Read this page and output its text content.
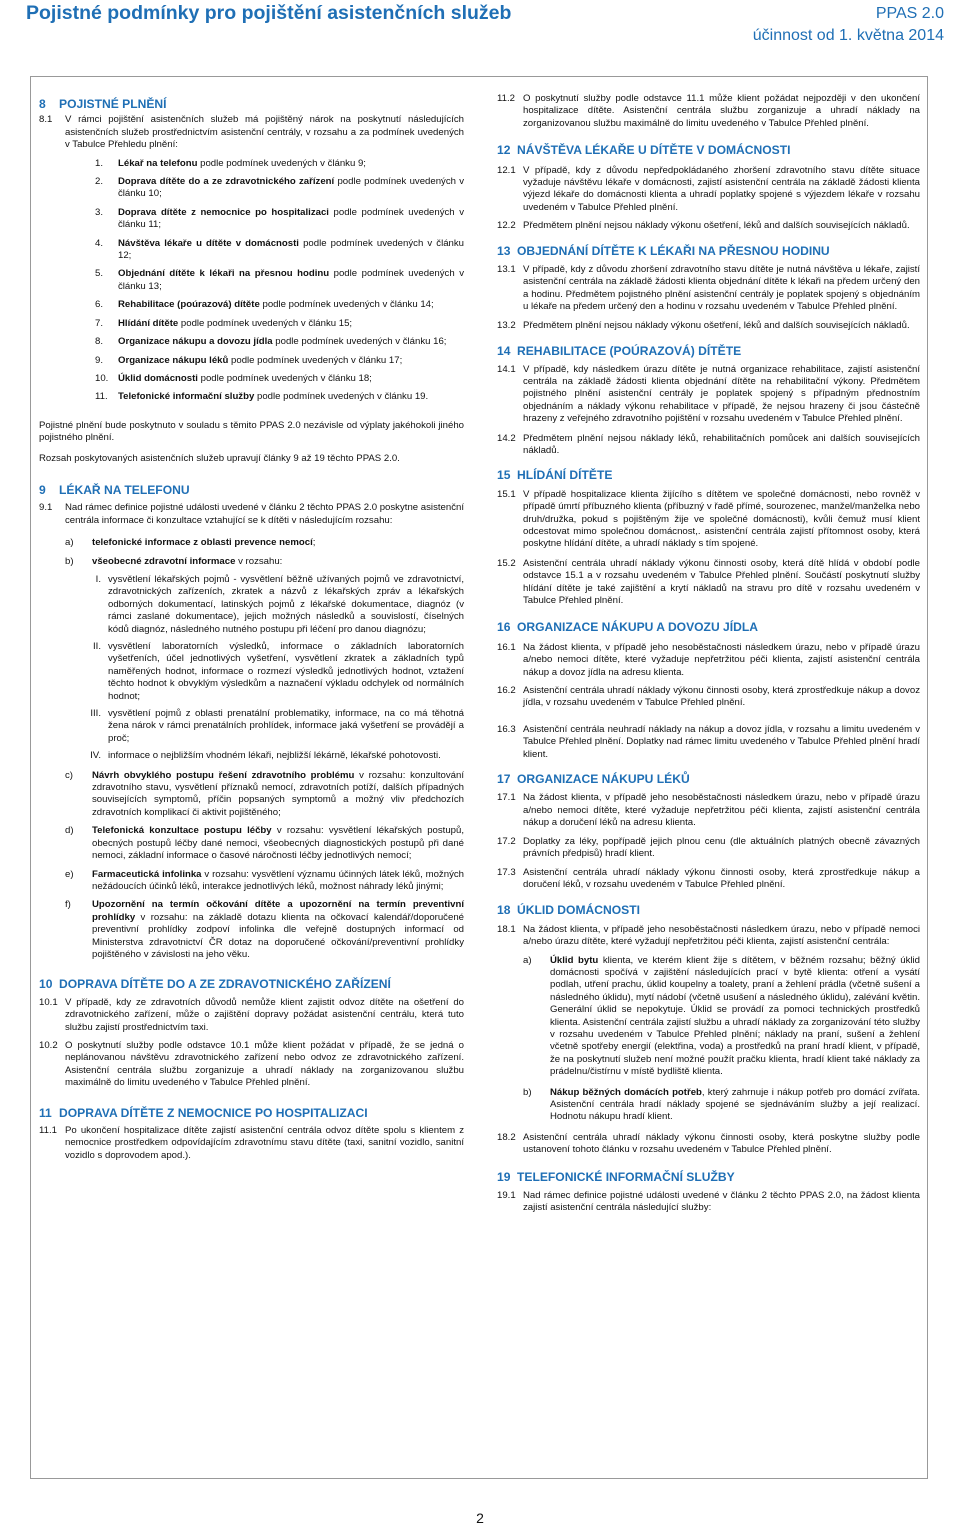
Pojistné podmínky pro pojištění asistenčních služeb	PPAS 2.0
účinnost od 1. května 2014
8 POJISTNÉ PLNĚNÍ
8.1	V rámci pojištění asistenčních služeb má pojištěný nárok na poskytnutí následujících asistenčních služeb prostřednictvím asistenční centrály, v rozsahu a za podmínek uvedených v Tabulce Přehledu plnění:
1.	Lékař na telefonu podle podmínek uvedených v článku 9;
2.	Doprava dítěte do a ze zdravotnického zařízení podle podmínek uvedených v článku 10;
3.	Doprava dítěte z nemocnice po hospitalizaci podle podmínek uvedených v článku 11;
4.	Návštěva lékaře u dítěte v domácnosti podle podmínek uvedených v článku 12;
5.	Objednání dítěte k lékaři na přesnou hodinu podle podmínek uvedených v článku 13;
6.	Rehabilitace (poúrazová) dítěte podle podmínek uvedených v článku 14;
7.	Hlídání dítěte podle podmínek uvedených v článku 15;
8.	Organizace nákupu a dovozu jídla podle podmínek uvedených v článku 16;
9.	Organizace nákupu léků podle podmínek uvedených v článku 17;
10.	Úklid domácnosti podle podmínek uvedených v článku 18;
11.	Telefonické informační služby podle podmínek uvedených v článku 19.

Pojistné plnění bude poskytnuto v souladu s těmito PPAS 2.0 nezávisle od výplaty jakéhokoli jiného pojistného plnění.

Rozsah poskytovaných asistenčních služeb upravují články 9 až 19 těchto PPAS 2.0.

9 LÉKAŘ NA TELEFONU
9.1	Nad rámec definice pojistné události uvedené v článku 2 těchto PPAS 2.0 poskytne asistenční centrála informace či konzultace vztahující se k dítěti v následujícím rozsahu:
a)	telefonické informace z oblasti prevence nemocí;
b)	všeobecné zdravotní informace v rozsahu:
I. vysvětlení lékařských pojmů - vysvětlení běžně užívaných pojmů ve zdravotnictví, zdravotnických zařízeních, zkratek a názvů z lékařských zpráv a lékařských odborných dokumentací, latinských pojmů z lékařské dokumentace, diagnóz (v rámci zaslané dokumentace), jejich možných následků a souvislostí, číselných kódů diagnóz, následného nutného postupu při léčení pro danou diagnózu;
II. vysvětlení laboratorních výsledků, informace o základních laboratorních vyšetřeních, účel jednotlivých vyšetření, vysvětlení zkratek a základních typů naměřených hodnot, informace o rozmezí výsledků jednotlivých hodnot, vztažení těchto hodnot k obvyklým výsledkům a naznačení výkladu odchylek od normálních hodnot;
III. vysvětlení pojmů z oblasti prenatální problematiky, informace, na co má těhotná žena nárok v rámci prenatálních prohlídek, informace jaká vyšetření se provádějí a proč;
IV. informace o nejbližším vhodném lékaři, nejbližší lékárně, lékařské pohotovosti.
c)	Návrh obvyklého postupu řešení zdravotního problému v rozsahu: konzultování zdravotního stavu, vysvětlení příznaků nemocí, zdravotních potíží, dalších případných souvisejících symptomů, příčin popsaných symptomů a možný vliv předchozích zdravotních komplikací či aktivit pojištěného;
d)	Telefonická konzultace postupu léčby v rozsahu: vysvětlení lékařských postupů, obecných postupů léčby dané nemoci, všeobecných diagnostických postupů při dané nemoci, základní informace o časové náročnosti léčby jednotlivých nemocí;
e)	Farmaceutická infolinka v rozsahu: vysvětlení významu účinných látek léků, možných nežádoucích účinků léků, interakce jednotlivých léků, možnost náhrady léků jinými;
f)	Upozornění na termín očkování dítěte a upozornění na termín preventivní prohlídky v rozsahu: na základě dotazu klienta na očkovací kalendář/doporučené preventivní prohlídky zodpoví infolinka dle veřejně dostupných informací od Ministerstva zdravotnictví ČR dotaz na doporučené očkování/preventivní prohlídky pojištěného v závislosti na jeho věku.
10 DOPRAVA DÍTĚTE DO A ZE ZDRAVOTNICKÉHO ZAŘÍZENÍ
10.1 V případě, kdy ze zdravotních důvodů nemůže klient zajistit odvoz dítěte na ošetření do zdravotnického zařízení, může o zajištění dopravy požádat asistenční centrálu, která tuto službu zajistí prostřednictvím taxi.
10.2 O poskytnutí služby podle odstavce 10.1 může klient požádat v případě, že se jedná o neplánovanou návštěvu zdravotnického zařízení nebo odvoz ze zdravotnického zařízení. Asistenční centrála službu zorganizuje a uhradí náklady na zorganizovanou službu maximálně do limitu uvedeného v Tabulce Přehled plnění.
11 DOPRAVA DÍTĚTE Z NEMOCNICE PO HOSPITALIZACI
11.1 Po ukončení hospitalizace dítěte zajistí asistenční centrála odvoz dítěte spolu s klientem z nemocnice prostředkem odpovídajícím zdravotnímu stavu dítěte (taxi, sanitní vozidlo, sanitní vozidlo s doprovodem apod.).
11.2 O poskytnutí služby podle odstavce 11.1 může klient požádat nejpozději v den ukončení hospitalizace dítěte. Asistenční centrála službu zorganizuje a uhradí náklady na zorganizovanou službu maximálně do limitu uvedeného v Tabulce Přehled plnění.
12 NÁVŠTĚVA LÉKAŘE U DÍTĚTE V DOMÁCNOSTI
12.1 V případě, kdy z důvodu nepředpokládaného zhoršení zdravotního stavu dítěte situace vyžaduje návštěvu lékaře v domácnosti, zajistí asistenční centrála na základě žádosti klienta výjezd lékaře do domácnosti klienta a uhradí poplatky spojené s výjezdem lékaře v rozsahu uvedeném v Tabulce Přehled plnění.
12.2 Předmětem plnění nejsou náklady výkonu ošetření, léků and dalších souvisejících nákladů.
13 OBJEDNÁNÍ DÍTĚTE K LÉKAŘI NA PŘESNOU HODINU
13.1 V případě, kdy z důvodu zhoršení zdravotního stavu dítěte je nutná návštěva u lékaře, zajistí asistenční centrála na základě žádosti klienta objednání dítěte k lékaři na předem určený den a hodinu. Předmětem pojistného plnění asistenční centrály je poplatek spojený s objednáním u lékaře na předem určený den a hodinu v rozsahu uvedeném v Tabulce Přehled plnění.
13.2 Předmětem plnění nejsou náklady výkonu ošetření, léků and dalších souvisejících nákladů.
14 REHABILITACE (POÚRAZOVÁ) DÍTĚTE
14.1 V případě, kdy následkem úrazu dítěte je nutná organizace rehabilitace, zajistí asistenční centrála na základě žádosti klienta objednání dítěte na rehabilitační výkony. Předmětem pojistného plnění asistenční centrály je poplatek spojený s případným přednostním objednáním a náklady výkonu rehabilitace v případě, že nejsou hrazeny či jsou částečně hrazeny z veřejného zdravotního pojištění v rozsahu uvedeném v Tabulce Přehled plnění.
14.2 Předmětem plnění nejsou náklady léků, rehabilitačních pomůcek ani dalších souvisejících nákladů.
15 HLÍDÁNÍ DÍTĚTE
15.1 V případě hospitalizace klienta žijícího s dítětem ve společné domácnosti, nebo rovněž v případě úmrtí příbuzného klienta (příbuzný v řadě přímé, sourozenec, manžel/manželka nebo druh/družka, pokud s pojištěným žije ve společné domácnosti), kvůli čemuž musí klient odcestovat mimo společnou domácnost,. asistenční centrála zajistí přítomnost osoby, která poskytne hlídání dítěte, a uhradí náklady s tím spojené.
15.2 Asistenční centrála uhradí náklady výkonu činnosti osoby, která dítě hlídá v období podle odstavce 15.1 a v rozsahu uvedeném v Tabulce Přehled plnění. Součástí poskytnutí služby hlídání dítěte je také zajištění a krytí nákladů na stravu pro dítě v rozsahu uvedeném v Tabulce Přehled plnění.
16 ORGANIZACE NÁKUPU A DOVOZU JÍDLA
16.1 Na žádost klienta, v případě jeho nesoběstačnosti následkem úrazu, nebo v případě úrazu a/nebo nemoci dítěte, které vyžaduje nepřetržitou péči klienta, zajistí asistenční centrála nákup a dovoz jídla na adresu klienta.
16.2 Asistenční centrála uhradí náklady výkonu činnosti osoby, která zprostředkuje nákup a dovoz jídla, v rozsahu uvedeném v Tabulce Přehled plnění.
16.3 Asistenční centrála neuhradí náklady na nákup a dovoz jídla, v rozsahu a limitu uvedeném v Tabulce Přehled plnění. Doplatky nad rámec limitu uvedeného v Tabulce Přehled plnění hradí klient.
17 ORGANIZACE NÁKUPU LÉKŮ
17.1 Na žádost klienta, v případě jeho nesoběstačnosti následkem úrazu, nebo v případě úrazu a/nebo nemoci dítěte, které vyžaduje nepřetržitou péči klienta, zajistí asistenční centrála nákup a doručení léků na adresu klienta.
17.2 Doplatky za léky, popřípadě jejich plnou cenu (dle aktuálních platných obecně závazných právních předpisů) hradí klient.
17.3 Asistenční centrála uhradí náklady výkonu činnosti osoby, která zprostředkuje nákup a doručení léků, v rozsahu uvedeném v Tabulce Přehled plnění.
18 ÚKLID DOMÁCNOSTI
18.1 Na žádost klienta, v případě jeho nesoběstačnosti následkem úrazu, nebo v případě nemoci a/nebo úrazu dítěte, které vyžadují nepřetržitou péči klienta, zajistí asistenční centrála:
a)	Úklid bytu klienta, ve kterém klient žije s dítětem, v běžném rozsahu; běžný úklid domácnosti spočívá v zajištění následujících prací v bytě klienta: otření a vysátí podlah, utření prachu, úklid koupelny a toalety, praní a žehlení prádla (včetně sušení a následného úklidu), mytí nádobí (včetně usušení a následného úklidu), zalévání květin. Generální úklid se nepokytuje. Úklid se provádí za pomoci technických prostředků klienta. Asistenční centrála zajistí službu a uhradí náklady za zorganizování této služby v rozsahu uvedeném v Tabulce Přehled plnění; náklady na praní, sušení a žehlení včetně spotřeby energií (elektřina, voda) a prostředků na praní hradí klient, v případě, že na poskytnutí služeb není možné použít pračku klienta, hradí klient také náklady za prádelnu/čistírnu v místě bydliště klienta.
b)	Nákup běžných domácích potřeb, který zahrnuje i nákup potřeb pro domácí zvířata. Asistenční centrála hradí náklady spojené se sjednáváním služby a její realizací. Hodnotu nákupu hradí klient.
18.2 Asistenční centrála uhradí náklady výkonu činnosti osoby, která poskytne služby podle ustanovení tohoto článku v rozsahu uvedeném v Tabulce Přehled plnění.
19 TELEFONICKÉ INFORMAČNÍ SLUŽBY
19.1 Nad rámec definice pojistné události uvedené v článku 2 těchto PPAS 2.0, na žádost klienta zajistí asistenční centrála následující služby:
2
